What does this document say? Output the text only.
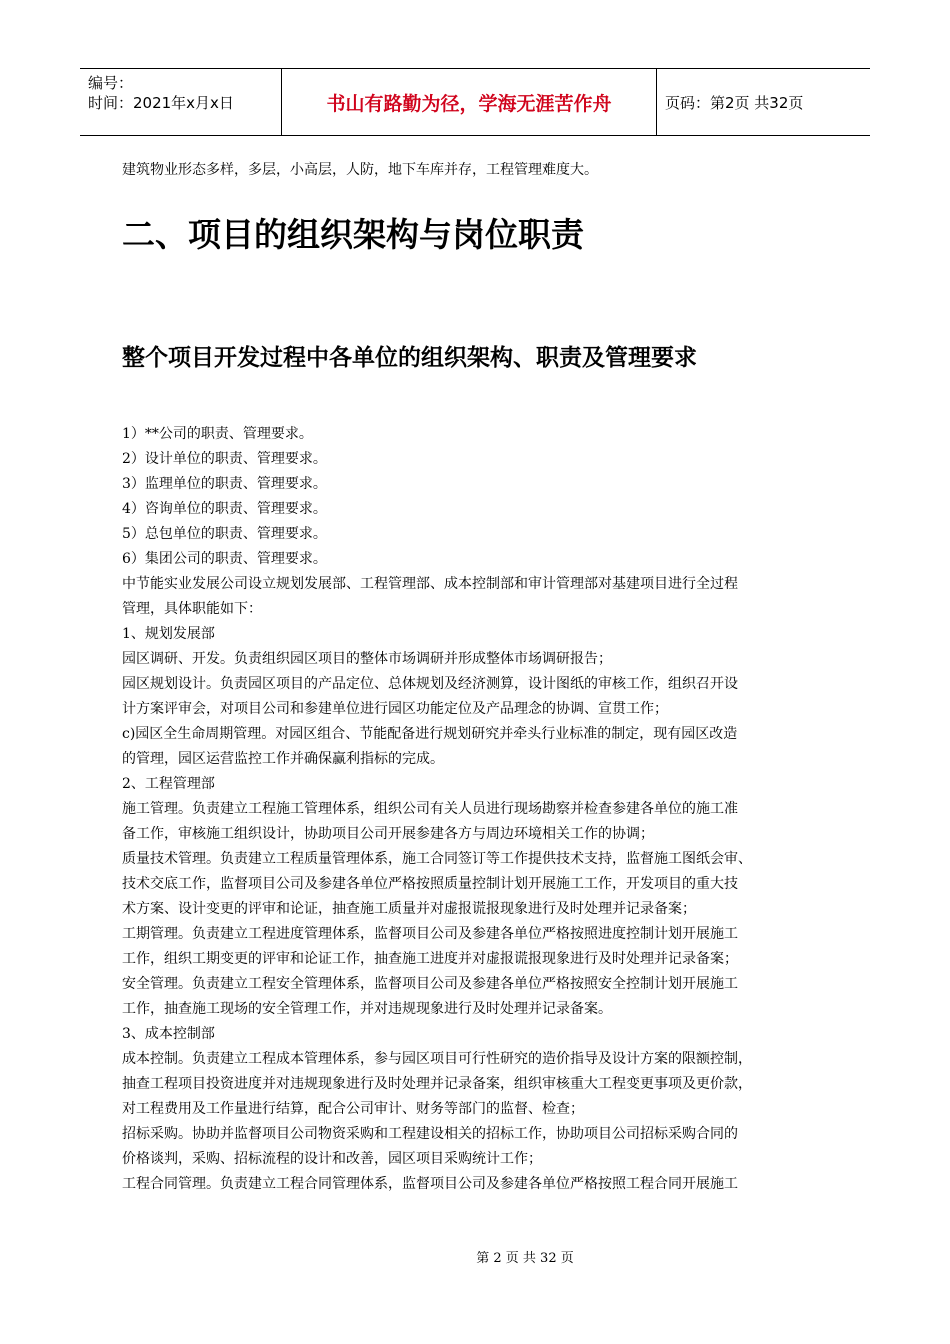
编号：
时间：2021年x月x日	书山有路勤为径，学海无涯苦作舟	页码：第2页 共32页

建筑物业形态多样，多层，小高层，人防，地下车库并存，工程管理难度大。

二、项目的组织架构与岗位职责
整个项目开发过程中各单位的组织架构、职责及管理要求

1）**公司的职责、管理要求。

2）设计单位的职责、管理要求。

3）监理单位的职责、管理要求。

4）咨询单位的职责、管理要求。

5）总包单位的职责、管理要求。

6）集团公司的职责、管理要求。

中节能实业发展公司设立规划发展部、工程管理部、成本控制部和审计管理部对基建项目进行全过程

管理，具体职能如下：

1、规划发展部

园区调研、开发。负责组织园区项目的整体市场调研并形成整体市场调研报告；

园区规划设计。负责园区项目的产品定位、总体规划及经济测算，设计图纸的审核工作，组织召开设

计方案评审会，对项目公司和参建单位进行园区功能定位及产品理念的协调、宣贯工作；

c)园区全生命周期管理。对园区组合、节能配备进行规划研究并牵头行业标准的制定，现有园区改造

的管理，园区运营监控工作并确保赢利指标的完成。

2、工程管理部

施工管理。负责建立工程施工管理体系，组织公司有关人员进行现场勘察并检查参建各单位的施工准

备工作，审核施工组织设计，协助项目公司开展参建各方与周边环境相关工作的协调；

质量技术管理。负责建立工程质量管理体系，施工合同签订等工作提供技术支持，监督施工图纸会审、

技术交底工作，监督项目公司及参建各单位严格按照质量控制计划开展施工工作，开发项目的重大技

术方案、设计变更的评审和论证，抽查施工质量并对虚报谎报现象进行及时处理并记录备案；

工期管理。负责建立工程进度管理体系，监督项目公司及参建各单位严格按照进度控制计划开展施工

工作，组织工期变更的评审和论证工作，抽查施工进度并对虚报谎报现象进行及时处理并记录备案；

安全管理。负责建立工程安全管理体系，监督项目公司及参建各单位严格按照安全控制计划开展施工

工作，抽查施工现场的安全管理工作，并对违规现象进行及时处理并记录备案。

3、成本控制部

成本控制。负责建立工程成本管理体系，参与园区项目可行性研究的造价指导及设计方案的限额控制，

抽查工程项目投资进度并对违规现象进行及时处理并记录备案，组织审核重大工程变更事项及更价款，

对工程费用及工作量进行结算，配合公司审计、财务等部门的监督、检查；

招标采购。协助并监督项目公司物资采购和工程建设相关的招标工作，协助项目公司招标采购合同的

价格谈判，采购、招标流程的设计和改善，园区项目采购统计工作；

工程合同管理。负责建立工程合同管理体系，监督项目公司及参建各单位严格按照工程合同开展施工

第 2 页 共 32 页
